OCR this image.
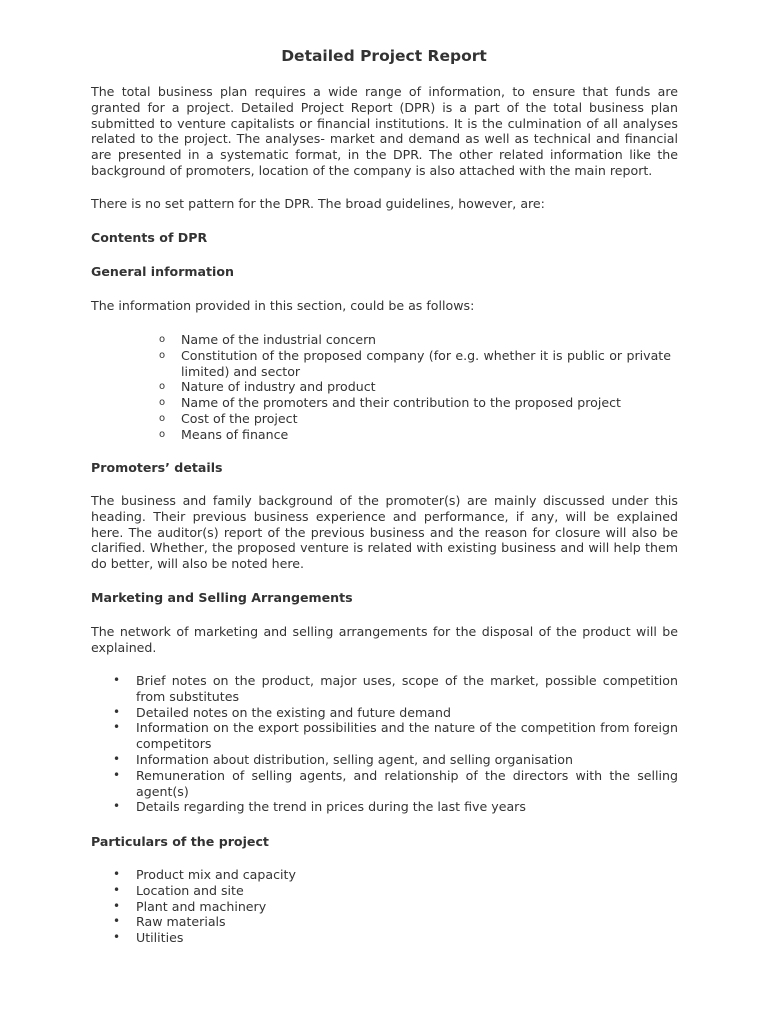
Detailed Project Report

The total business plan requires a wide range of information, to ensure that funds are granted for a project. Detailed Project Report (DPR) is a part of the total business plan submitted to venture capitalists or financial institutions. It is the culmination of all analyses related to the project. The analyses- market and demand as well as technical and financial are presented in a systematic format, in the DPR. The other related information like the background of promoters, location of the company is also attached with the main report.

There is no set pattern for the DPR. The broad guidelines, however, are:

Contents of DPR

General information

The information provided in this section, could be as follows:

o Name of the industrial concern
o Constitution of the proposed company (for e.g. whether it is public or private limited) and sector
o Nature of industry and product
o Name of the promoters and their contribution to the proposed project
o Cost of the project
o Means of finance

Promoters’ details

The business and family background of the promoter(s) are mainly discussed under this heading. Their previous business experience and performance, if any, will be explained here. The auditor(s) report of the previous business and the reason for closure will also be clarified. Whether, the proposed venture is related with existing business and will help them do better, will also be noted here.

Marketing and Selling Arrangements

The network of marketing and selling arrangements for the disposal of the product will be explained.

• Brief notes on the product, major uses, scope of the market, possible competition from substitutes
• Detailed notes on the existing and future demand
• Information on the export possibilities and the nature of the competition from foreign competitors
• Information about distribution, selling agent, and selling organisation
• Remuneration of selling agents, and relationship of the directors with the selling agent(s)
• Details regarding the trend in prices during the last five years

Particulars of the project

• Product mix and capacity
• Location and site
• Plant and machinery
• Raw materials
• Utilities
